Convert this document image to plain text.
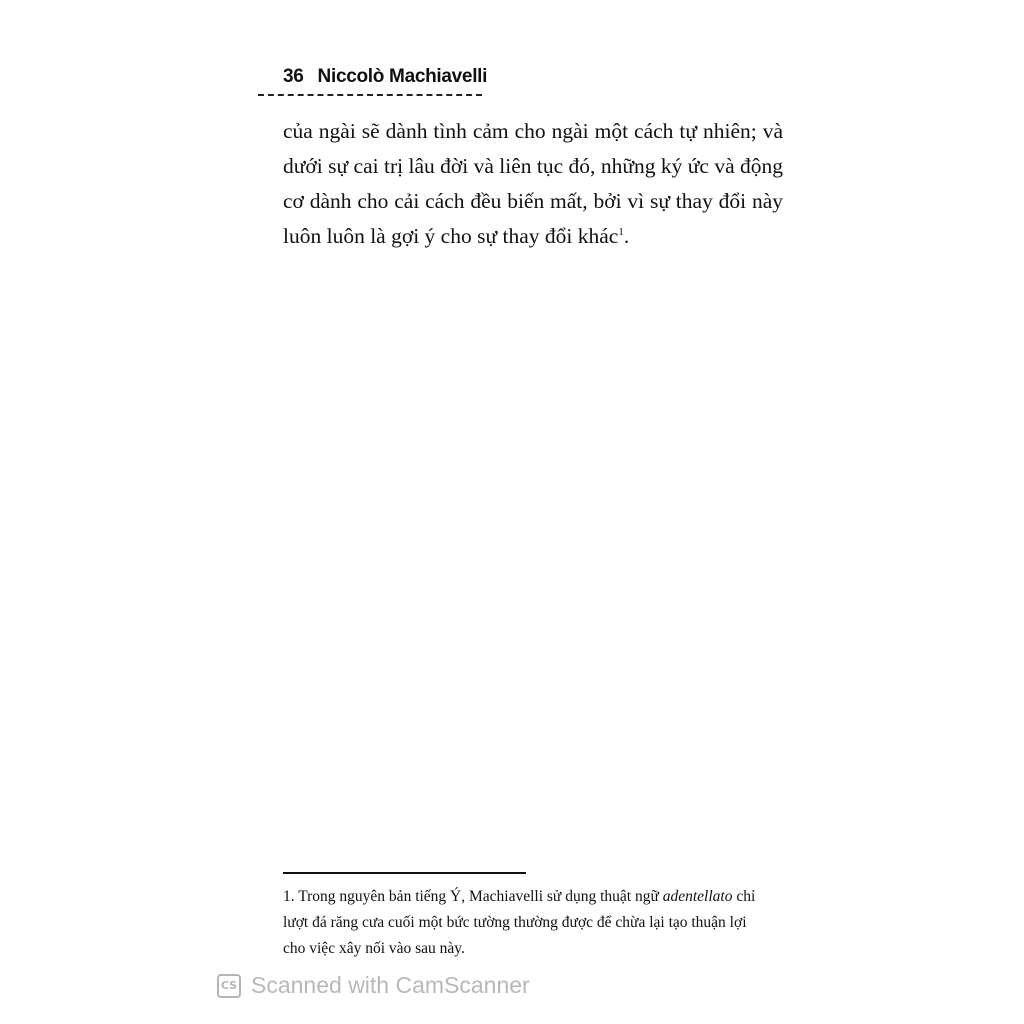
36 Niccolò Machiavelli
của ngài sẽ dành tình cảm cho ngài một cách tự nhiên; và
dưới sự cai trị lâu đời và liên tục đó, những ký ức và động
cơ dành cho cải cách đều biến mất, bởi vì sự thay đổi này
luôn luôn là gợi ý cho sự thay đổi khác$^1$.
1. Trong nguyên bản tiếng Ý, Machiavelli sử dụng thuật ngữ adentellato chỉ
lượt đá răng cưa cuối một bức tường thường được để chừa lại tạo thuận lợi
cho việc xây nối vào sau này.
CS Scanned with CamScanner
